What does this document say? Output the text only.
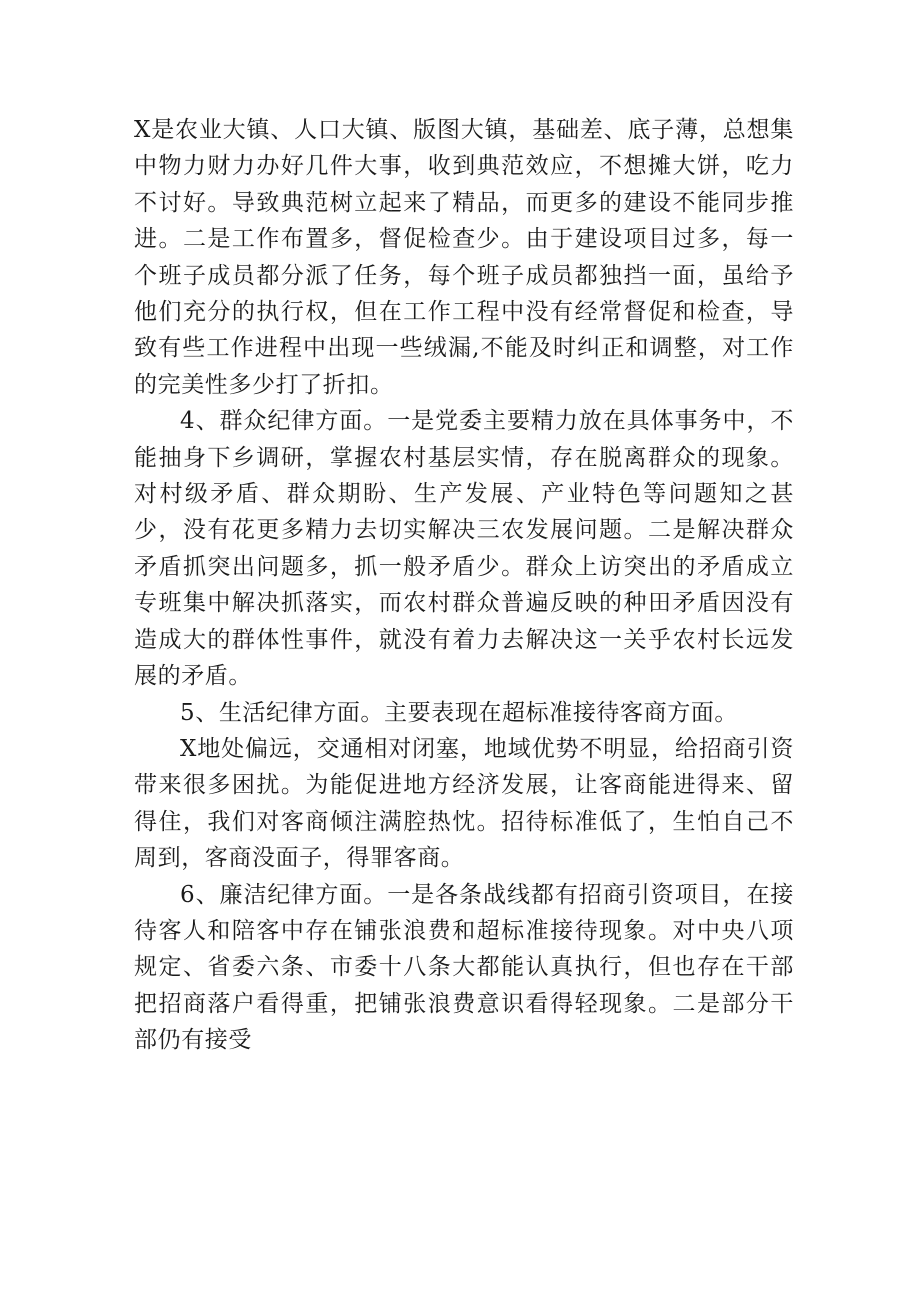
X是农业大镇、人口大镇、版图大镇，基础差、底子薄，总想集中物力财力办好几件大事，收到典范效应，不想摊大饼，吃力不讨好。导致典范树立起来了精品，而更多的建设不能同步推进。二是工作布置多，督促检查少。由于建设项目过多，每一个班子成员都分派了任务，每个班子成员都独挡一面，虽给予他们充分的执行权，但在工作工程中没有经常督促和检查，导致有些工作进程中出现一些绒漏,不能及时纠正和调整，对工作的完美性多少打了折扣。

4、群众纪律方面。一是党委主要精力放在具体事务中，不能抽身下乡调研，掌握农村基层实情，存在脱离群众的现象。对村级矛盾、群众期盼、生产发展、产业特色等问题知之甚少，没有花更多精力去切实解决三农发展问题。二是解决群众矛盾抓突出问题多，抓一般矛盾少。群众上访突出的矛盾成立专班集中解决抓落实，而农村群众普遍反映的种田矛盾因没有造成大的群体性事件，就没有着力去解决这一关乎农村长远发展的矛盾。

5、生活纪律方面。主要表现在超标准接待客商方面。

X地处偏远，交通相对闭塞，地域优势不明显，给招商引资带来很多困扰。为能促进地方经济发展，让客商能进得来、留得住，我们对客商倾注满腔热忱。招待标准低了，生怕自己不周到，客商没面子，得罪客商。

6、廉洁纪律方面。一是各条战线都有招商引资项目，在接待客人和陪客中存在铺张浪费和超标准接待现象。对中央八项规定、省委六条、市委十八条大都能认真执行，但也存在干部把招商落户看得重，把铺张浪费意识看得轻现象。二是部分干部仍有接受
